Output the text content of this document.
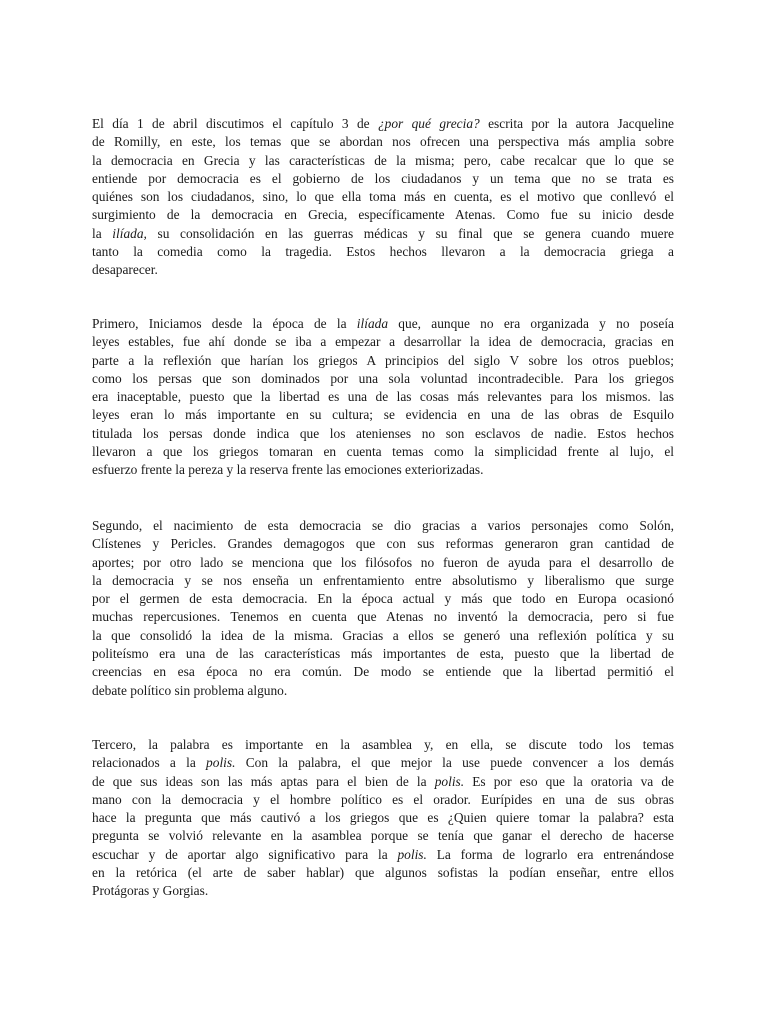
El día 1 de abril discutimos el capítulo 3 de ¿por qué grecia? escrita por la autora Jacqueline
de Romilly, en este, los temas que se abordan nos ofrecen una perspectiva más amplia sobre
la democracia en Grecia y las características de la misma; pero, cabe recalcar que lo que se
entiende por democracia es el gobierno de los ciudadanos y un tema que no se trata es
quiénes son los ciudadanos, sino, lo que ella toma más en cuenta, es el motivo que conllevó el
surgimiento de la democracia en Grecia, específicamente Atenas. Como fue su inicio desde
la ilíada, su consolidación en las guerras médicas y su final que se genera cuando muere
tanto la comedia como la tragedia. Estos hechos llevaron a la democracia griega a
desaparecer.
Primero, Iniciamos desde la época de la ilíada que, aunque no era organizada y no poseía
leyes estables, fue ahí donde se iba a empezar a desarrollar la idea de democracia, gracias en
parte a la reflexión que harían los griegos A principios del siglo V sobre los otros pueblos;
como los persas que son dominados por una sola voluntad incontradecible. Para los griegos
era inaceptable, puesto que la libertad es una de las cosas más relevantes para los mismos. las
leyes eran lo más importante en su cultura; se evidencia en una de las obras de Esquilo
titulada los persas donde indica que los atenienses no son esclavos de nadie. Estos hechos
llevaron a que los griegos tomaran en cuenta temas como la simplicidad frente al lujo, el
esfuerzo frente la pereza y la reserva frente las emociones exteriorizadas.
Segundo, el nacimiento de esta democracia se dio gracias a varios personajes como Solón,
Clístenes y Pericles. Grandes demagogos que con sus reformas generaron gran cantidad de
aportes; por otro lado se menciona que los filósofos no fueron de ayuda para el desarrollo de
la democracia y se nos enseña un enfrentamiento entre absolutismo y liberalismo que surge
por el germen de esta democracia. En la época actual y más que todo en Europa ocasionó
muchas repercusiones. Tenemos en cuenta que Atenas no inventó la democracia, pero si fue
la que consolidó la idea de la misma. Gracias a ellos se generó una reflexión política y su
politeísmo era una de las características más importantes de esta, puesto que la libertad de
creencias en esa época no era común. De modo se entiende que la libertad permitió el
debate político sin problema alguno.
Tercero, la palabra es importante en la asamblea y, en ella, se discute todo los temas
relacionados a la polis. Con la palabra, el que mejor la use puede convencer a los demás
de que sus ideas son las más aptas para el bien de la polis. Es por eso que la oratoria va de
mano con la democracia y el hombre político es el orador. Eurípides en una de sus obras
hace la pregunta que más cautivó a los griegos que es ¿Quien quiere tomar la palabra? esta
pregunta se volvió relevante en la asamblea porque se tenía que ganar el derecho de hacerse
escuchar y de aportar algo significativo para la polis. La forma de lograrlo era entrenándose
en la retórica (el arte de saber hablar) que algunos sofistas la podían enseñar, entre ellos
Protágoras y Gorgias.
